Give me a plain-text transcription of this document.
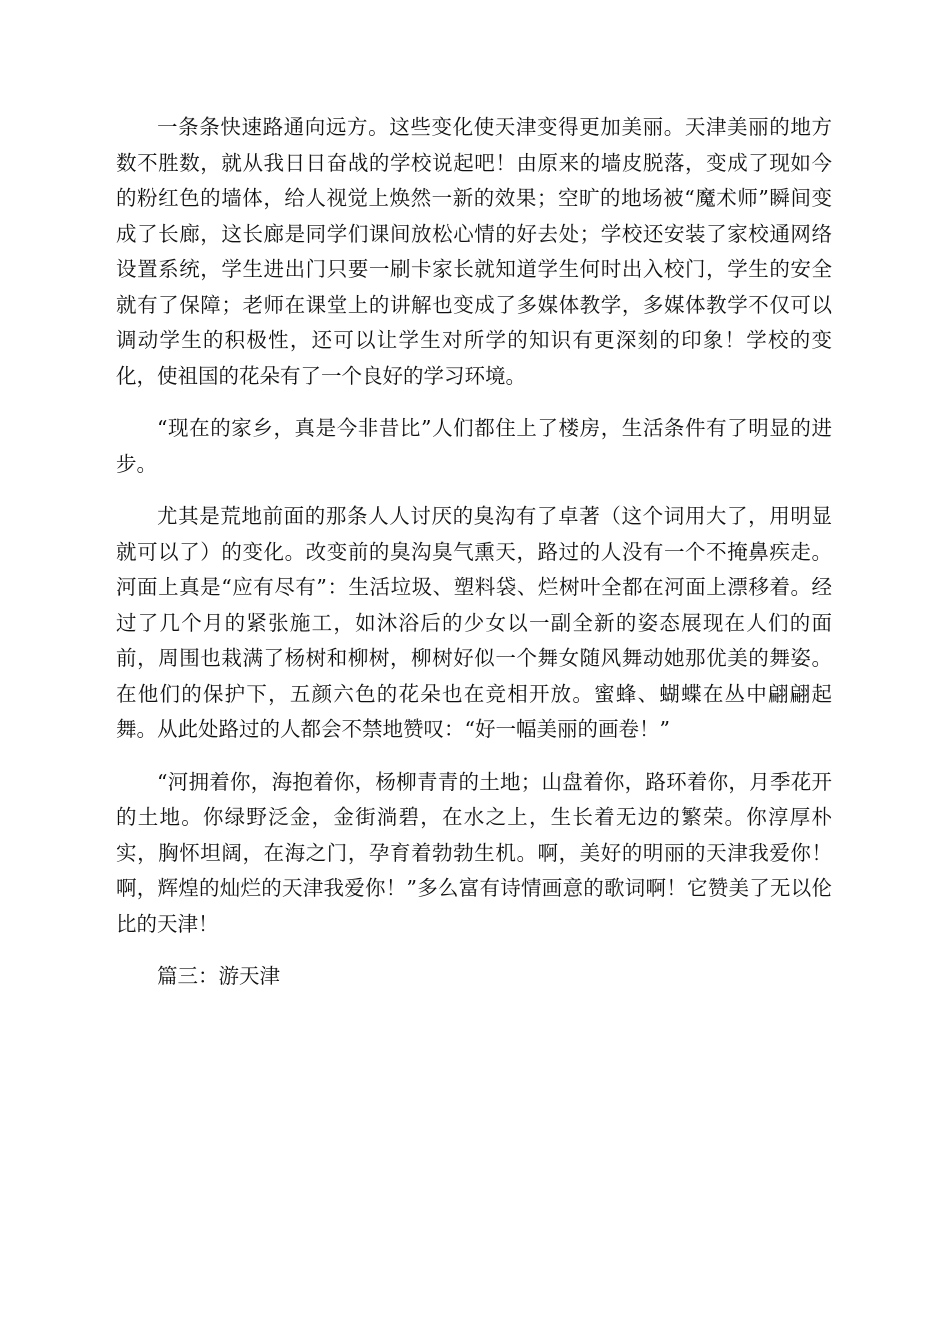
一条条快速路通向远方。这些变化使天津变得更加美丽。天津美丽的地方数不胜数，就从我日日奋战的学校说起吧！由原来的墙皮脱落，变成了现如今的粉红色的墙体，给人视觉上焕然一新的效果；空旷的地场被“魔术师”瞬间变成了长廊，这长廊是同学们课间放松心情的好去处；学校还安装了家校通网络设置系统，学生进出门只要一刷卡家长就知道学生何时出入校门，学生的安全就有了保障；老师在课堂上的讲解也变成了多媒体教学，多媒体教学不仅可以调动学生的积极性，还可以让学生对所学的知识有更深刻的印象！学校的变化，使祖国的花朵有了一个良好的学习环境。

“现在的家乡，真是今非昔比”人们都住上了楼房，生活条件有了明显的进步。

尤其是荒地前面的那条人人讨厌的臭沟有了卓著（这个词用大了，用明显就可以了）的变化。改变前的臭沟臭气熏天，路过的人没有一个不掩鼻疾走。河面上真是“应有尽有”：生活垃圾、塑料袋、烂树叶全都在河面上漂移着。经过了几个月的紧张施工，如沐浴后的少女以一副全新的姿态展现在人们的面前，周围也栽满了杨树和柳树，柳树好似一个舞女随风舞动她那优美的舞姿。在他们的保护下，五颜六色的花朵也在竞相开放。蜜蜂、蝴蝶在丛中翩翩起舞。从此处路过的人都会不禁地赞叹：“好一幅美丽的画卷！”

“河拥着你，海抱着你，杨柳青青的土地；山盘着你，路环着你，月季花开的土地。你绿野泛金，金街淌碧，在水之上，生长着无边的繁荣。你淳厚朴实，胸怀坦阔，在海之门，孕育着勃勃生机。啊，美好的明丽的天津我爱你！啊，辉煌的灿烂的天津我爱你！”多么富有诗情画意的歌词啊！它赞美了无以伦比的天津！

篇三：游天津
